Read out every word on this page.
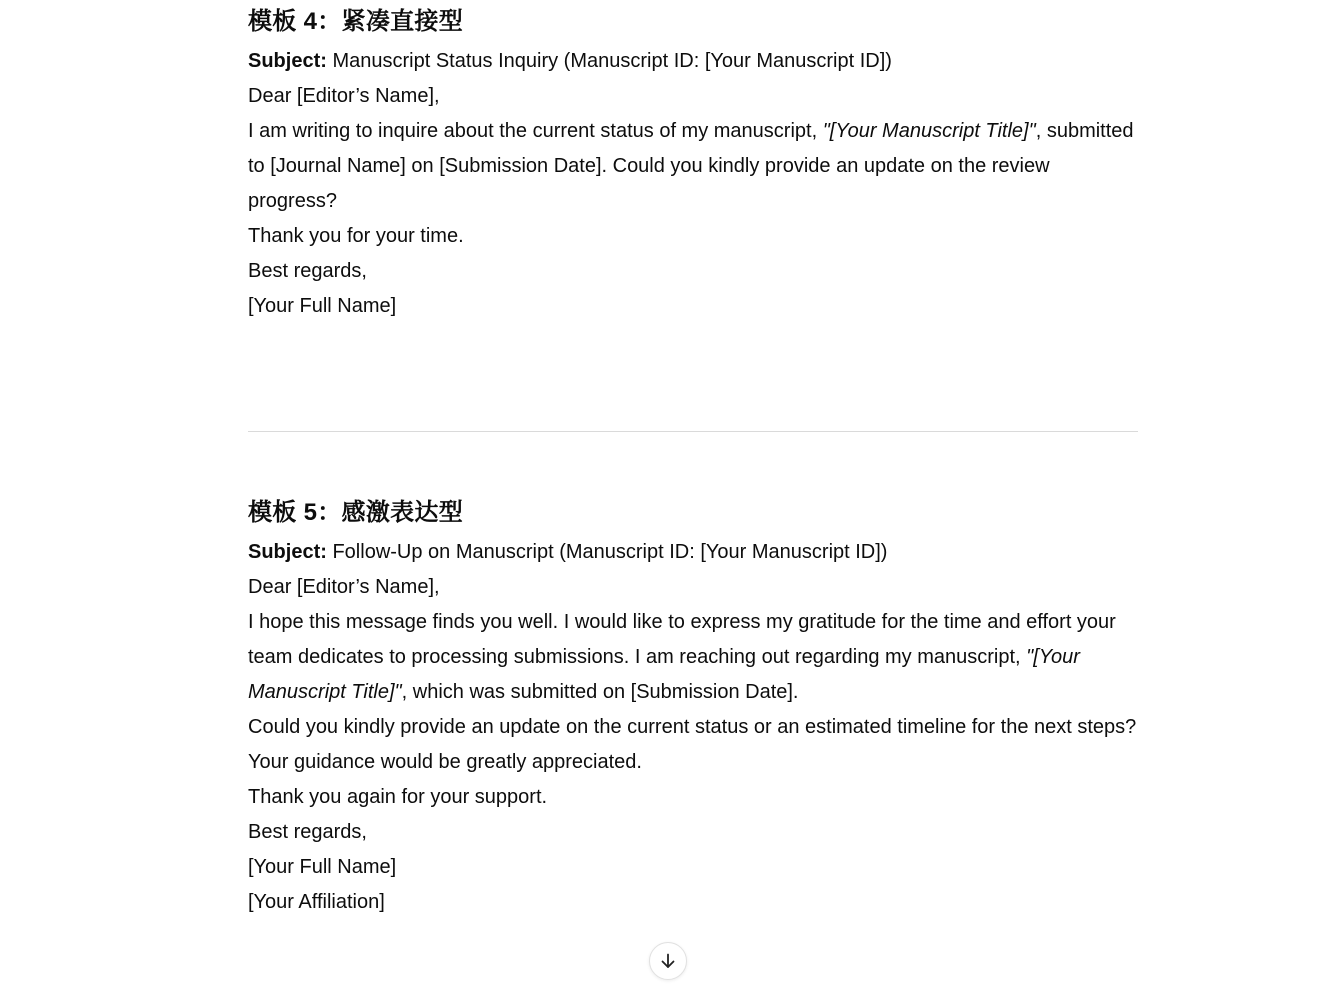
模板 4：紧凑直接型

Subject: Manuscript Status Inquiry (Manuscript ID: [Your Manuscript ID])

Dear [Editor’s Name],

I am writing to inquire about the current status of my manuscript, "[Your Manuscript Title]", submitted to [Journal Name] on [Submission Date]. Could you kindly provide an update on the review progress?

Thank you for your time.

Best regards,

[Your Full Name]

模板 5：感激表达型

Subject: Follow-Up on Manuscript (Manuscript ID: [Your Manuscript ID])

Dear [Editor’s Name],

I hope this message finds you well. I would like to express my gratitude for the time and effort your team dedicates to processing submissions. I am reaching out regarding my manuscript, "[Your Manuscript Title]", which was submitted on [Submission Date].

Could you kindly provide an update on the current status or an estimated timeline for the next steps? Your guidance would be greatly appreciated.

Thank you again for your support.

Best regards,

[Your Full Name]

[Your Affiliation]
